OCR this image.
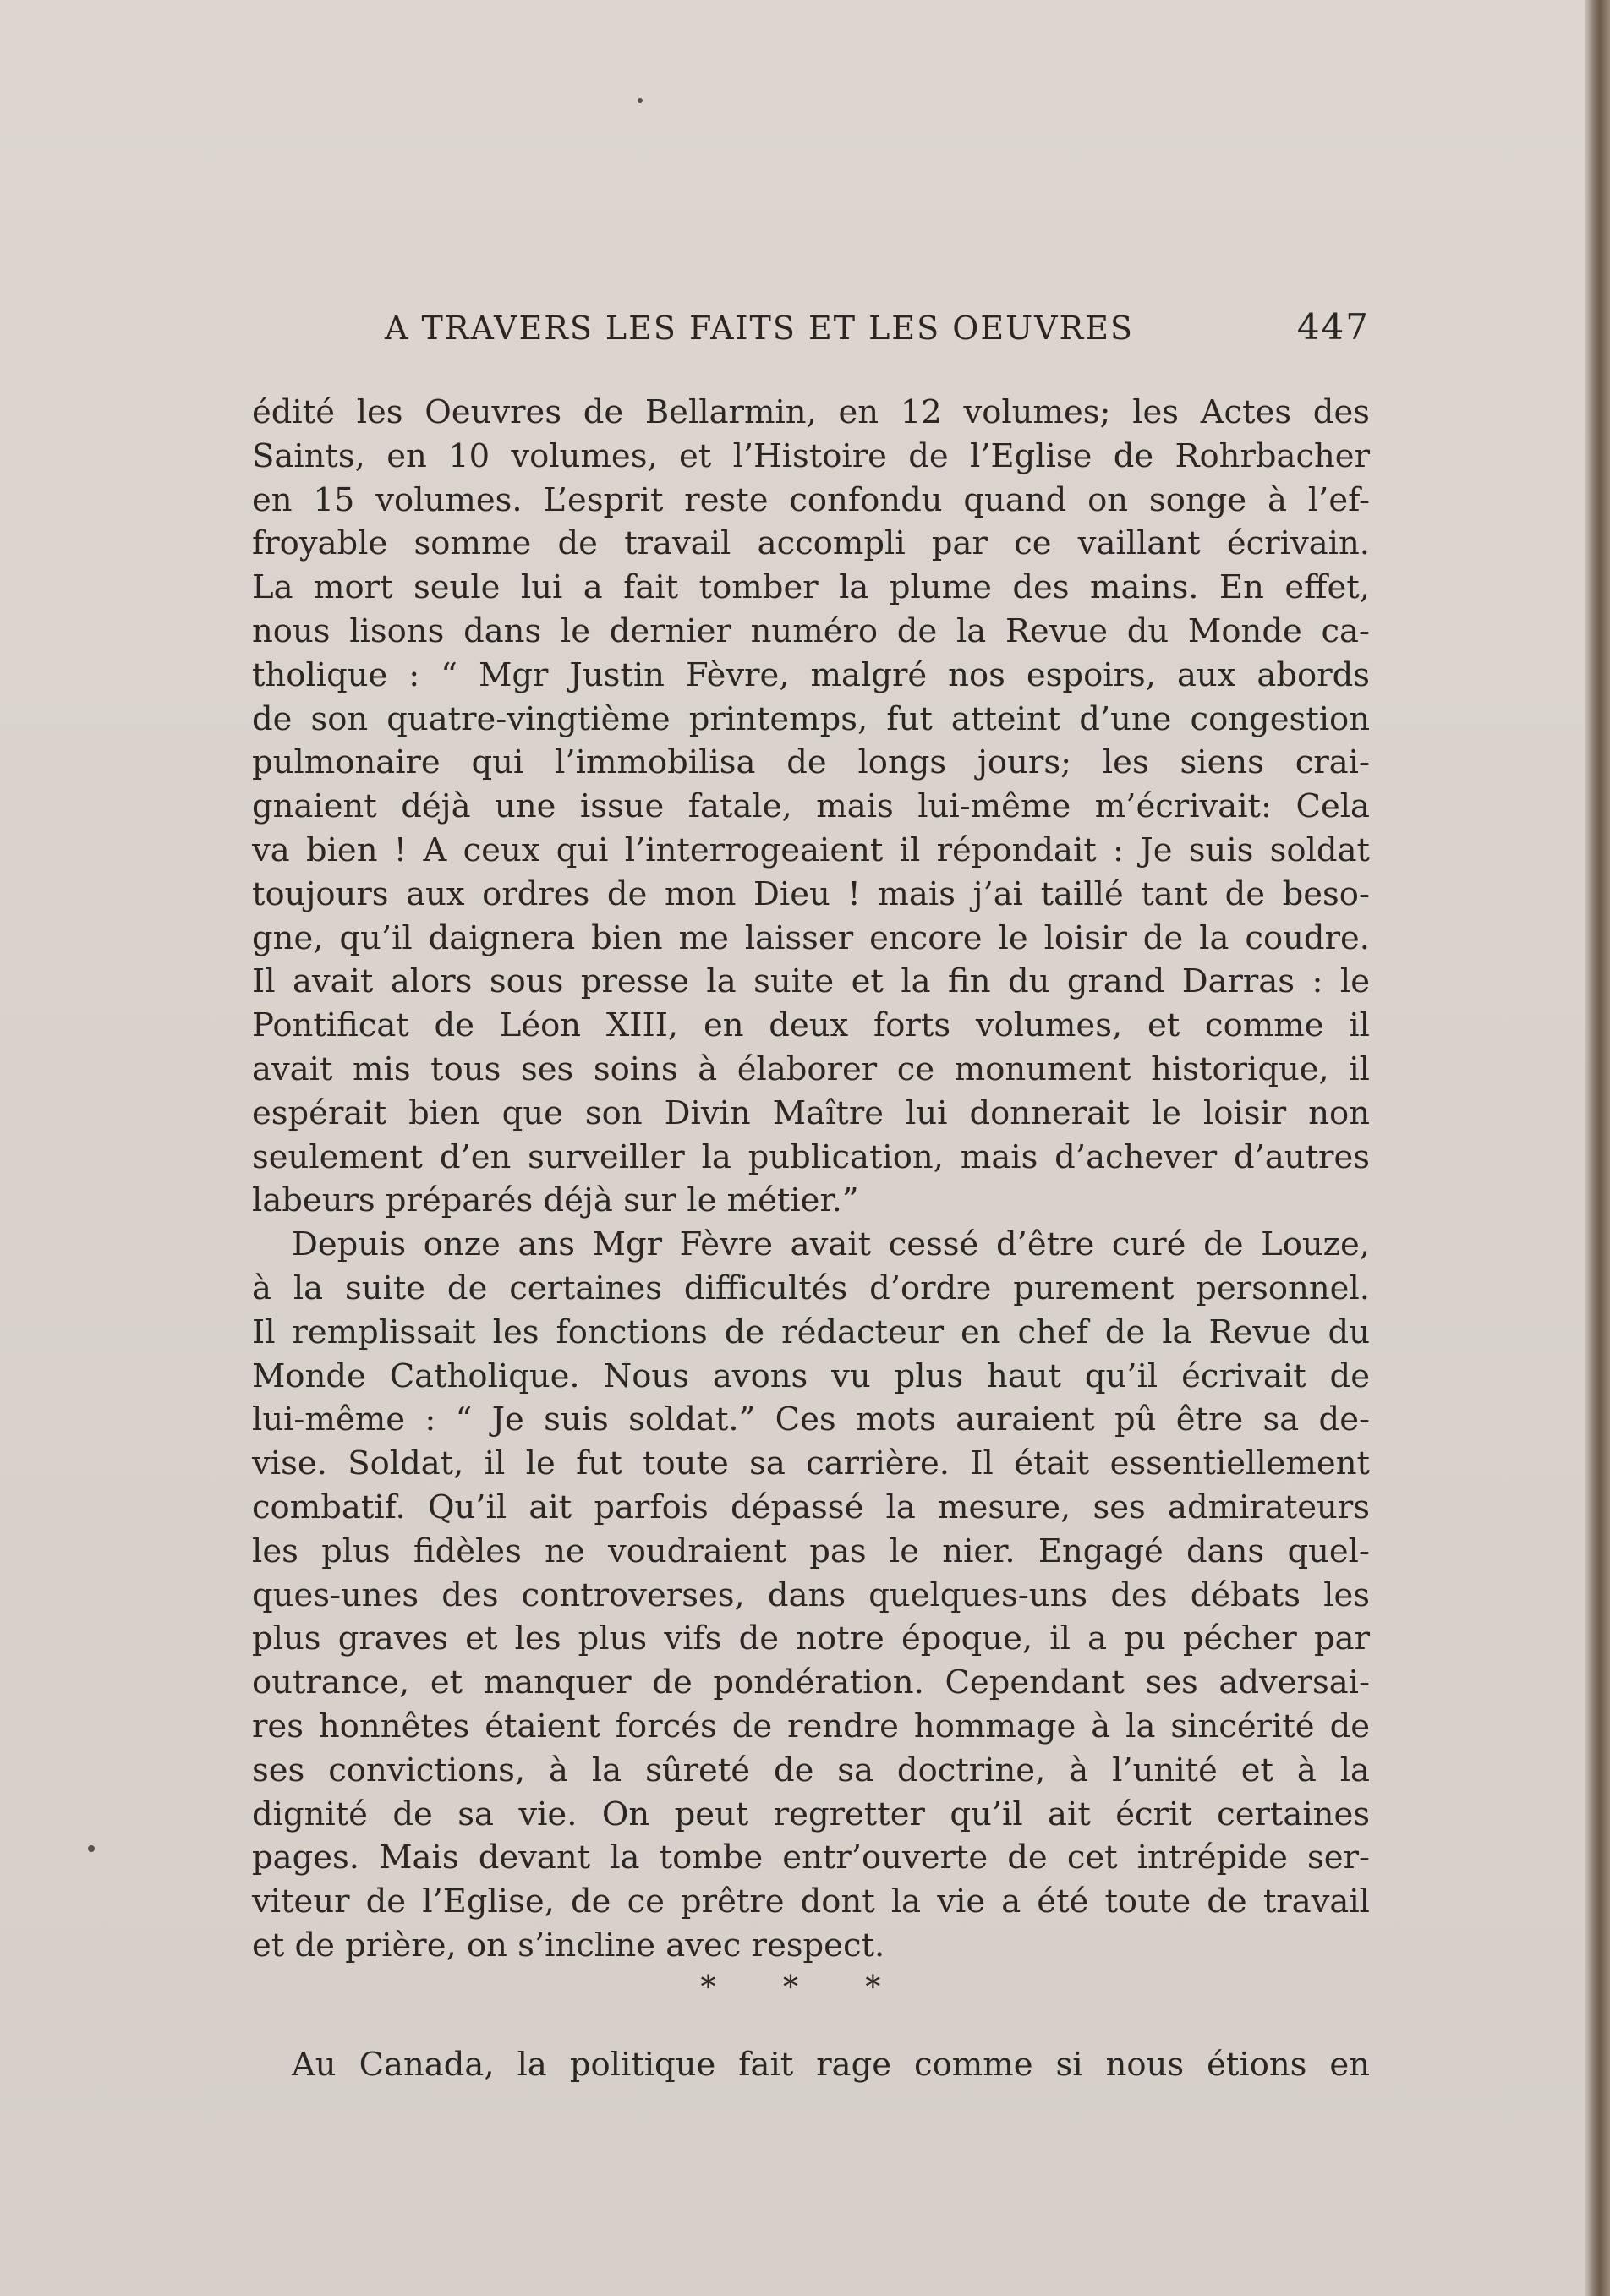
A TRAVERS LES FAITS ET LES OEUVRES	447
édité les Oeuvres de Bellarmin, en 12 volumes; les Actes des
Saints, en 10 volumes, et l’Histoire de l’Eglise de Rohrbacher
en 15 volumes. L’esprit reste confondu quand on songe à l’ef-
froyable somme de travail accompli par ce vaillant écrivain.
La mort seule lui a fait tomber la plume des mains. En effet,
nous lisons dans le dernier numéro de la Revue du Monde ca-
tholique : “ Mgr Justin Fèvre, malgré nos espoirs, aux abords
de son quatre-vingtième printemps, fut atteint d’une congestion
pulmonaire qui l’immobilisa de longs jours; les siens crai-
gnaient déjà une issue fatale, mais lui-même m’écrivait: Cela
va bien ! A ceux qui l’interrogeaient il répondait : Je suis soldat
toujours aux ordres de mon Dieu ! mais j’ai taillé tant de beso-
gne, qu’il daignera bien me laisser encore le loisir de la coudre.
Il avait alors sous presse la suite et la fin du grand Darras : le
Pontificat de Léon XIII, en deux forts volumes, et comme il
avait mis tous ses soins à élaborer ce monument historique, il
espérait bien que son Divin Maître lui donnerait le loisir non
seulement d’en surveiller la publication, mais d’achever d’autres
labeurs préparés déjà sur le métier.”
Depuis onze ans Mgr Fèvre avait cessé d’être curé de Louze,
à la suite de certaines difficultés d’ordre purement personnel.
Il remplissait les fonctions de rédacteur en chef de la Revue du
Monde Catholique. Nous avons vu plus haut qu’il écrivait de
lui-même : “ Je suis soldat.” Ces mots auraient pû être sa de-
vise. Soldat, il le fut toute sa carrière. Il était essentiellement
combatif. Qu’il ait parfois dépassé la mesure, ses admirateurs
les plus fidèles ne voudraient pas le nier. Engagé dans quel-
ques-unes des controverses, dans quelques-uns des débats les
plus graves et les plus vifs de notre époque, il a pu pécher par
outrance, et manquer de pondération. Cependant ses adversai-
res honnêtes étaient forcés de rendre hommage à la sincérité de
ses convictions, à la sûreté de sa doctrine, à l’unité et à la
dignité de sa vie. On peut regretter qu’il ait écrit certaines
pages. Mais devant la tombe entr’ouverte de cet intrépide ser-
viteur de l’Eglise, de ce prêtre dont la vie a été toute de travail
et de prière, on s’incline avec respect.
* * *
Au Canada, la politique fait rage comme si nous étions en
